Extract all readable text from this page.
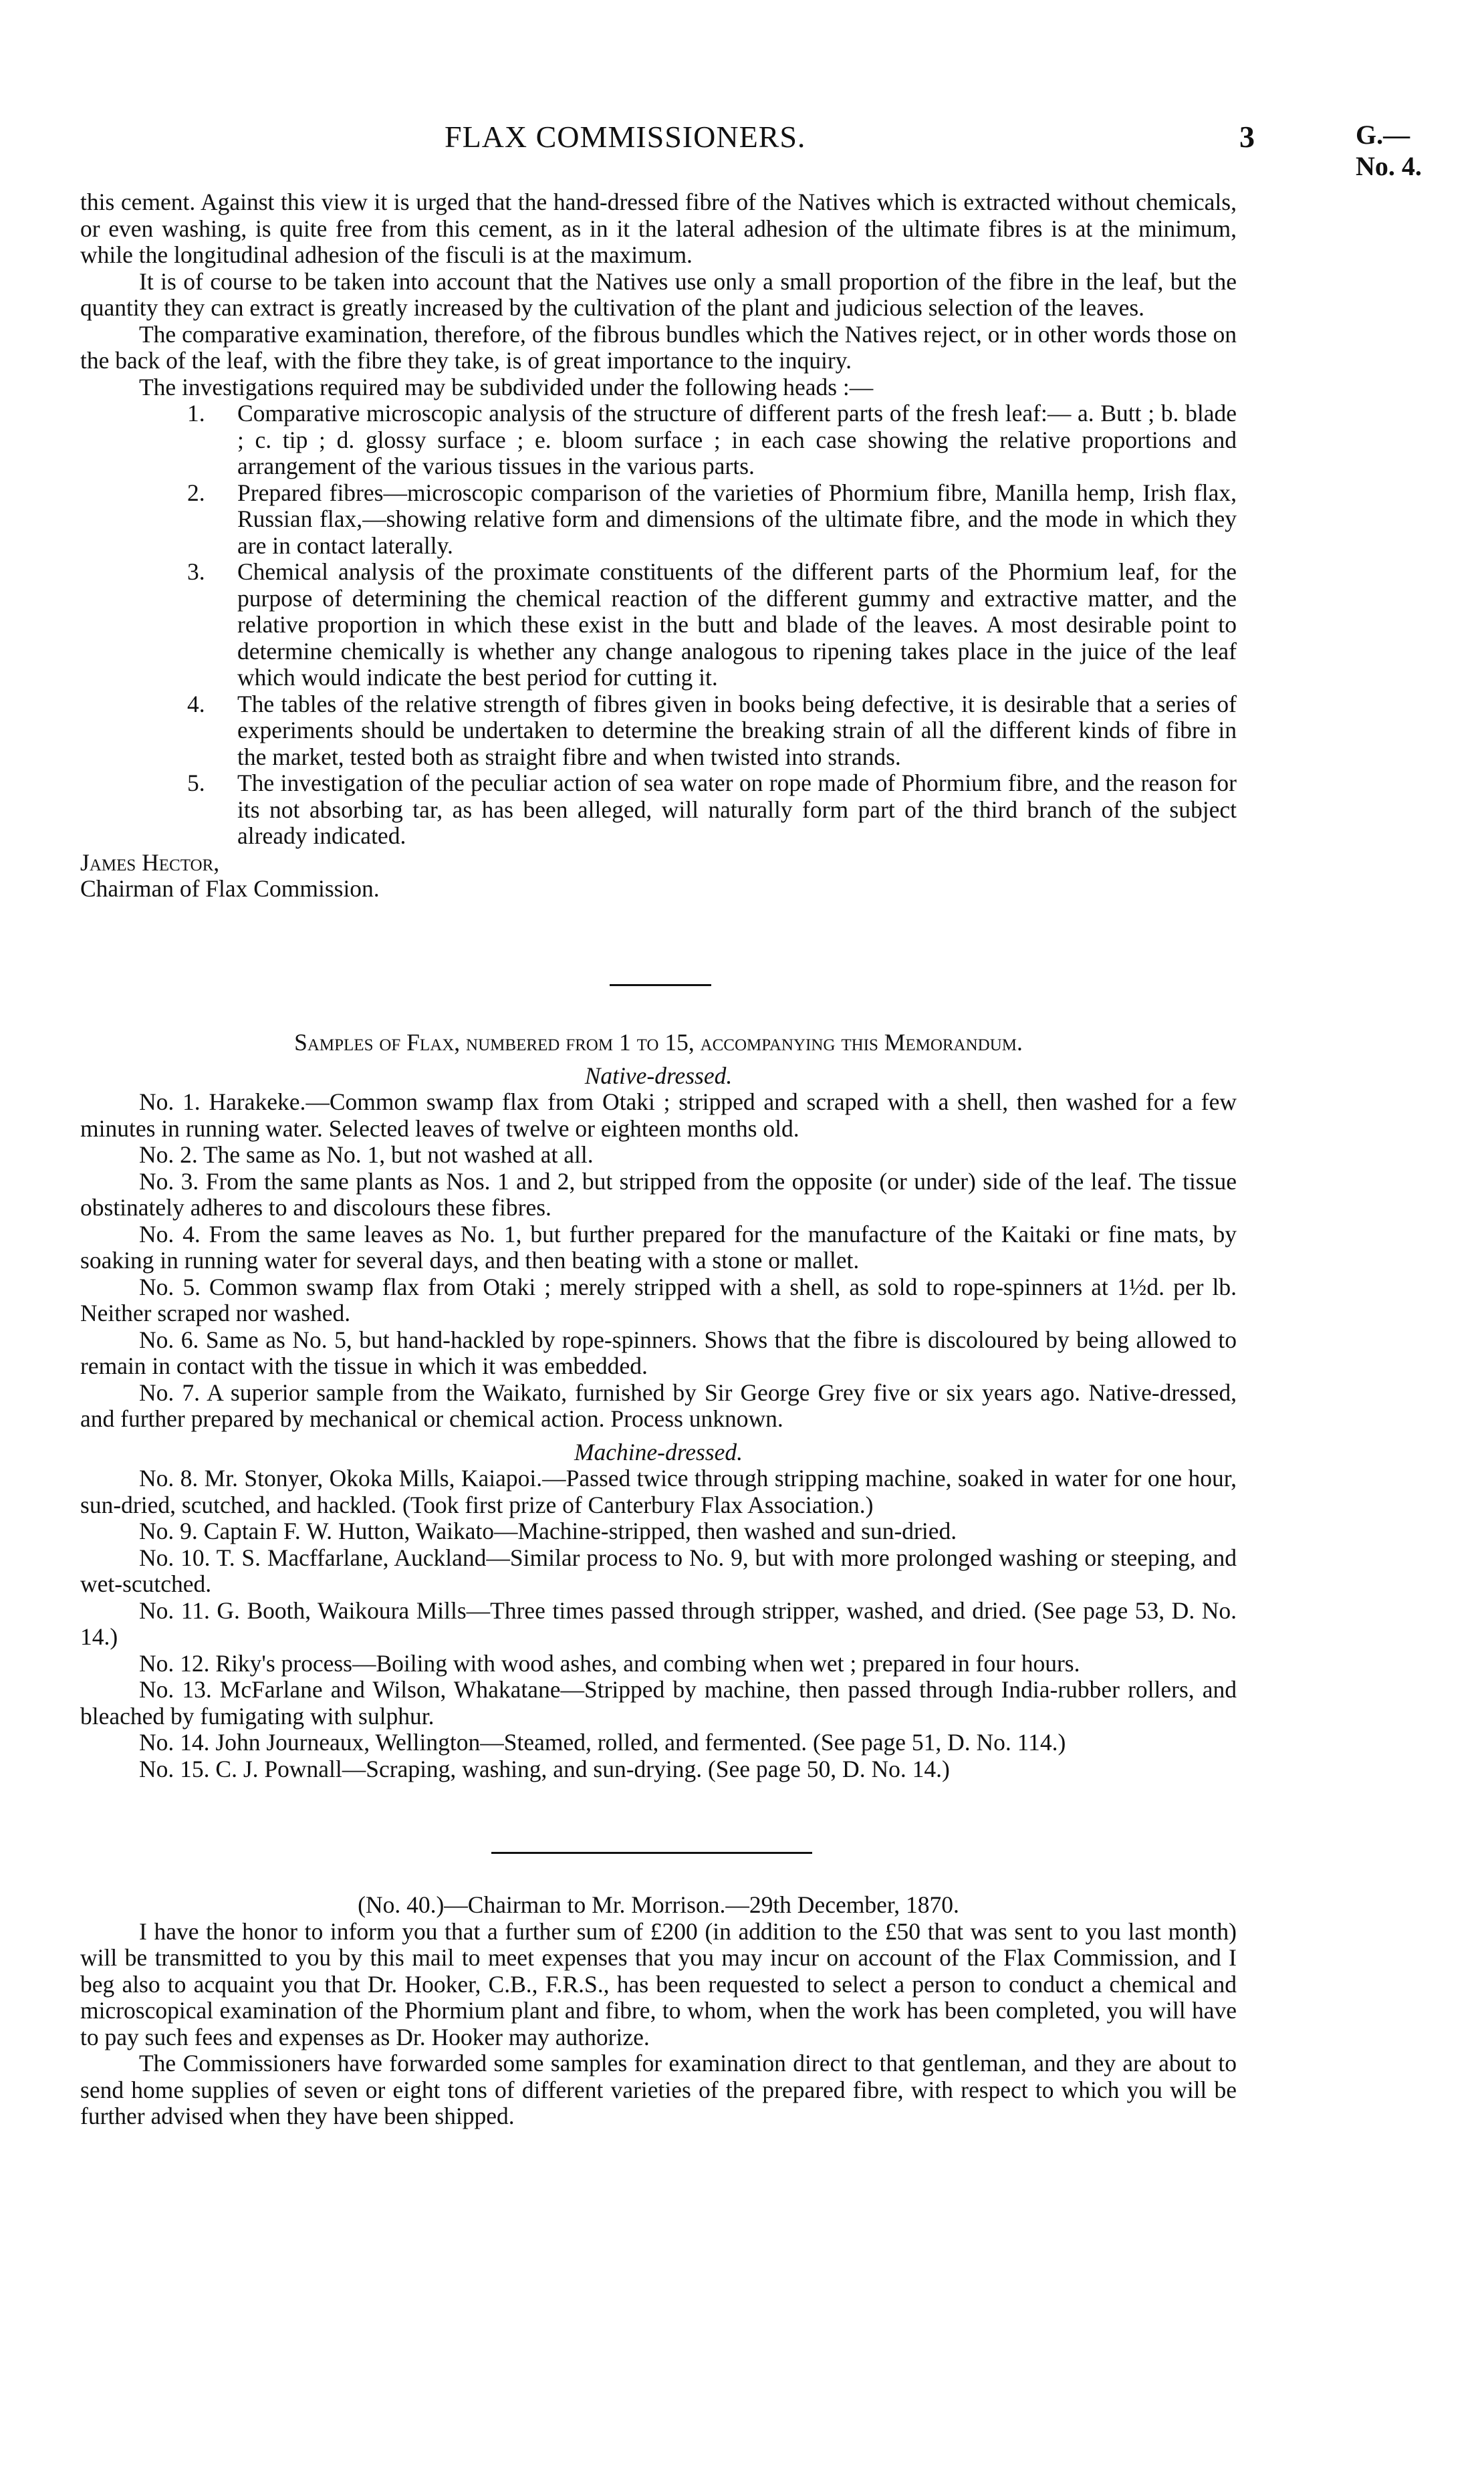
FLAX COMMISSIONERS.	3	G.—No. 4.

this cement. Against this view it is urged that the hand-dressed fibre of the Natives which is extracted without chemicals, or even washing, is quite free from this cement, as in it the lateral adhesion of the ultimate fibres is at the minimum, while the longitudinal adhesion of the fisculi is at the maximum.

It is of course to be taken into account that the Natives use only a small proportion of the fibre in the leaf, but the quantity they can extract is greatly increased by the cultivation of the plant and judicious selection of the leaves.

The comparative examination, therefore, of the fibrous bundles which the Natives reject, or in other words those on the back of the leaf, with the fibre they take, is of great importance to the inquiry.

The investigations required may be subdivided under the following heads :—

1. Comparative microscopic analysis of the structure of different parts of the fresh leaf:— a. Butt ; b. blade ; c. tip ; d. glossy surface ; e. bloom surface ; in each case showing the relative proportions and arrangement of the various tissues in the various parts.
2. Prepared fibres—microscopic comparison of the varieties of Phormium fibre, Manilla hemp, Irish flax, Russian flax,—showing relative form and dimensions of the ultimate fibre, and the mode in which they are in contact laterally.
3. Chemical analysis of the proximate constituents of the different parts of the Phormium leaf, for the purpose of determining the chemical reaction of the different gummy and extractive matter, and the relative proportion in which these exist in the butt and blade of the leaves. A most desirable point to determine chemically is whether any change analogous to ripening takes place in the juice of the leaf which would indicate the best period for cutting it.
4. The tables of the relative strength of fibres given in books being defective, it is desirable that a series of experiments should be undertaken to determine the breaking strain of all the different kinds of fibre in the market, tested both as straight fibre and when twisted into strands.
5. The investigation of the peculiar action of sea water on rope made of Phormium fibre, and the reason for its not absorbing tar, as has been alleged, will naturally form part of the third branch of the subject already indicated.

James Hector,

Chairman of Flax Commission.

Samples of Flax, numbered from 1 to 15, accompanying this Memorandum.

Native-dressed.

No. 1. Harakeke.—Common swamp flax from Otaki ; stripped and scraped with a shell, then washed for a few minutes in running water. Selected leaves of twelve or eighteen months old.

No. 2. The same as No. 1, but not washed at all.

No. 3. From the same plants as Nos. 1 and 2, but stripped from the opposite (or under) side of the leaf. The tissue obstinately adheres to and discolours these fibres.

No. 4. From the same leaves as No. 1, but further prepared for the manufacture of the Kaitaki or fine mats, by soaking in running water for several days, and then beating with a stone or mallet.

No. 5. Common swamp flax from Otaki ; merely stripped with a shell, as sold to rope-spinners at 1½d. per lb. Neither scraped nor washed.

No. 6. Same as No. 5, but hand-hackled by rope-spinners. Shows that the fibre is discoloured by being allowed to remain in contact with the tissue in which it was embedded.

No. 7. A superior sample from the Waikato, furnished by Sir George Grey five or six years ago. Native-dressed, and further prepared by mechanical or chemical action. Process unknown.

Machine-dressed.

No. 8. Mr. Stonyer, Okoka Mills, Kaiapoi.—Passed twice through stripping machine, soaked in water for one hour, sun-dried, scutched, and hackled. (Took first prize of Canterbury Flax Association.)

No. 9. Captain F. W. Hutton, Waikato—Machine-stripped, then washed and sun-dried.

No. 10. T. S. Macffarlane, Auckland—Similar process to No. 9, but with more prolonged washing or steeping, and wet-scutched.

No. 11. G. Booth, Waikoura Mills—Three times passed through stripper, washed, and dried. (See page 53, D. No. 14.)

No. 12. Riky's process—Boiling with wood ashes, and combing when wet ; prepared in four hours.

No. 13. McFarlane and Wilson, Whakatane—Stripped by machine, then passed through India-rubber rollers, and bleached by fumigating with sulphur.

No. 14. John Journeaux, Wellington—Steamed, rolled, and fermented. (See page 51, D. No. 114.)

No. 15. C. J. Pownall—Scraping, washing, and sun-drying. (See page 50, D. No. 14.)

(No. 40.)—Chairman to Mr. Morrison.—29th December, 1870.

I have the honor to inform you that a further sum of £200 (in addition to the £50 that was sent to you last month) will be transmitted to you by this mail to meet expenses that you may incur on account of the Flax Commission, and I beg also to acquaint you that Dr. Hooker, C.B., F.R.S., has been requested to select a person to conduct a chemical and microscopical examination of the Phormium plant and fibre, to whom, when the work has been completed, you will have to pay such fees and expenses as Dr. Hooker may authorize.

The Commissioners have forwarded some samples for examination direct to that gentleman, and they are about to send home supplies of seven or eight tons of different varieties of the prepared fibre, with respect to which you will be further advised when they have been shipped.
